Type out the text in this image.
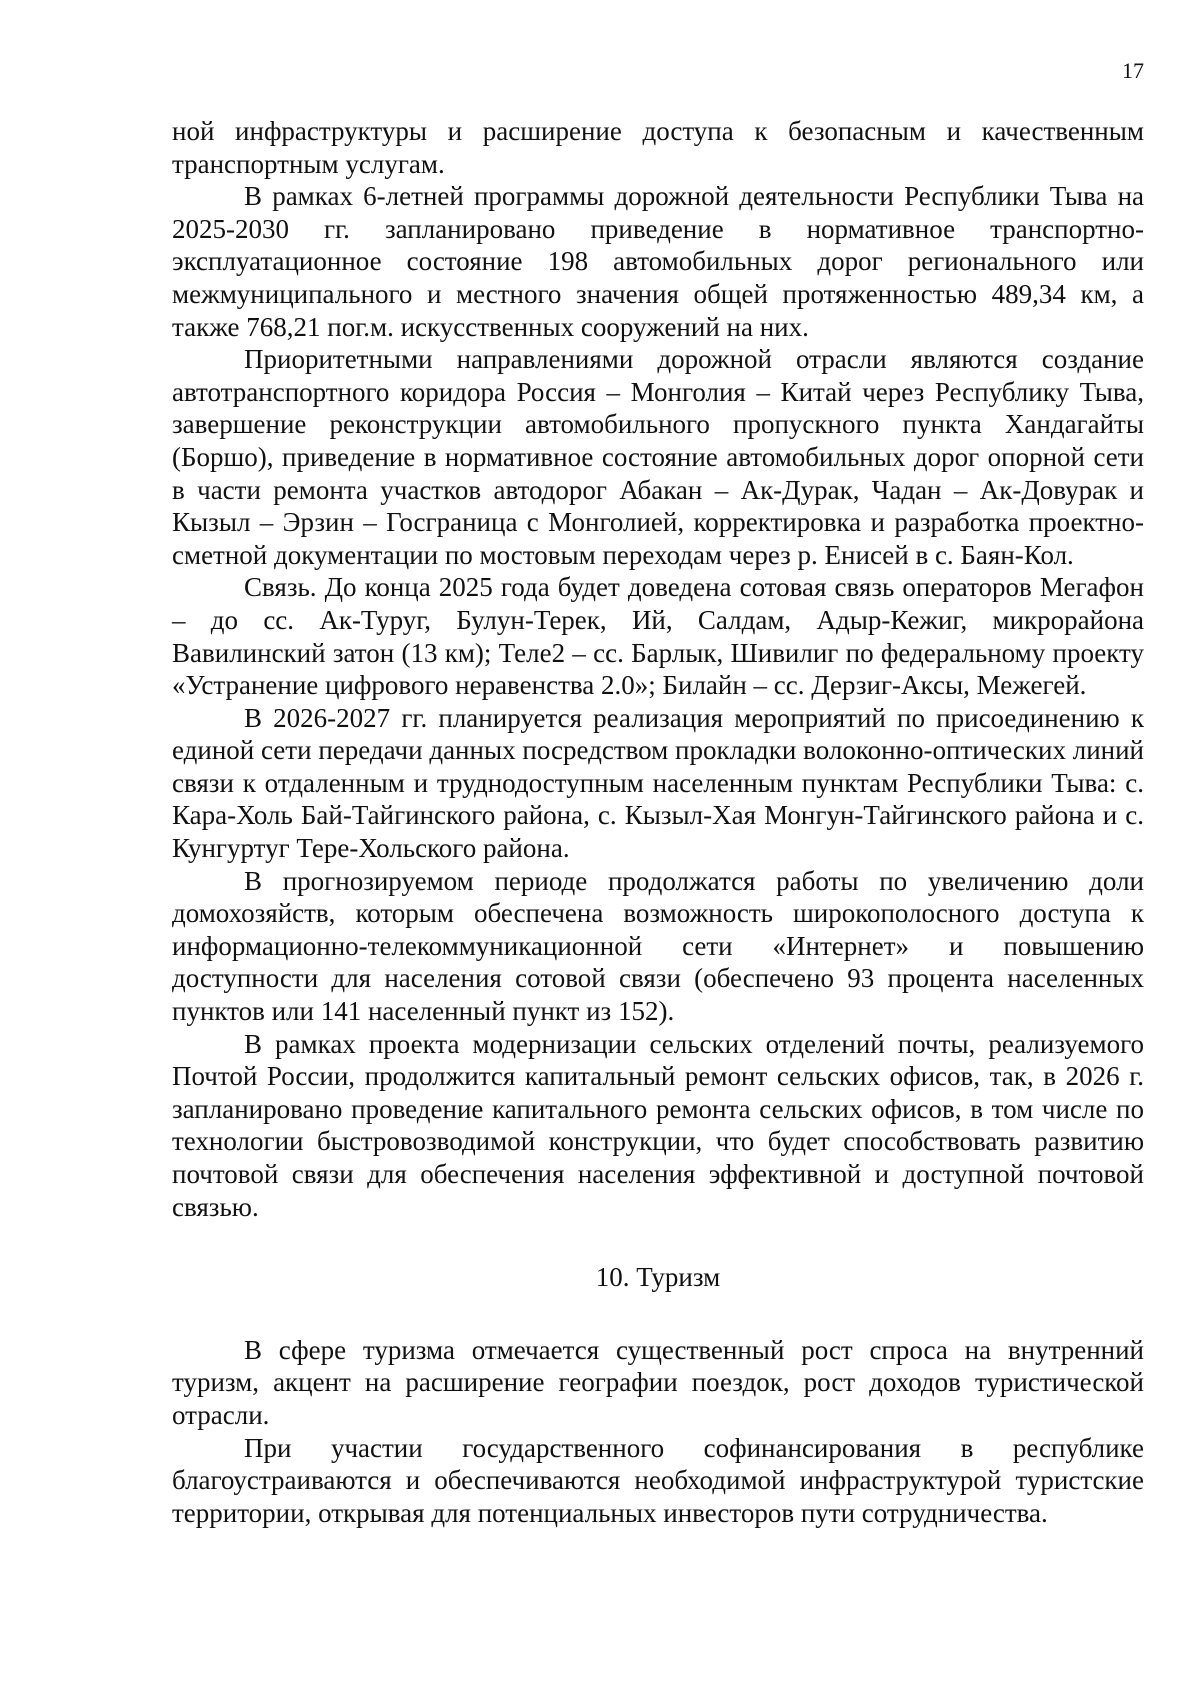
17

ной инфраструктуры и расширение доступа к безопасным и качественным транспортным услугам.

В рамках 6-летней программы дорожной деятельности Республики Тыва на 2025-2030 гг. запланировано приведение в нормативное транспортно-эксплуатационное состояние 198 автомобильных дорог регионального или межмуниципального и местного значения общей протяженностью 489,34 км, а также 768,21 пог.м. искусственных сооружений на них.

Приоритетными направлениями дорожной отрасли являются создание автотранспортного коридора Россия – Монголия – Китай через Республику Тыва, завершение реконструкции автомобильного пропускного пункта Хандагайты (Боршо), приведение в нормативное состояние автомобильных дорог опорной сети в части ремонта участков автодорог Абакан – Ак-Дурак, Чадан – Ак-Довурак и Кызыл – Эрзин – Госграница с Монголией, корректировка и разработка проектно-сметной документации по мостовым переходам через р. Енисей в с. Баян-Кол.

Связь. До конца 2025 года будет доведена сотовая связь операторов Мегафон – до сс. Ак-Туруг, Булун-Терек, Ий, Салдам, Адыр-Кежиг, микрорайона Вавилинский затон (13 км); Теле2 – сс. Барлык, Шивилиг по федеральному проекту «Устранение цифрового неравенства 2.0»; Билайн – сс. Дерзиг-Аксы, Межегей.

В 2026-2027 гг. планируется реализация мероприятий по присоединению к единой сети передачи данных посредством прокладки волоконно-оптических линий связи к отдаленным и труднодоступным населенным пунктам Республики Тыва: с. Кара-Холь Бай-Тайгинского района, с. Кызыл-Хая Монгун-Тайгинского района и с. Кунгуртуг Тере-Хольского района.

В прогнозируемом периоде продолжатся работы по увеличению доли домохозяйств, которым обеспечена возможность широкополосного доступа к информационно-телекоммуникационной сети «Интернет» и повышению доступности для населения сотовой связи (обеспечено 93 процента населенных пунктов или 141 населенный пункт из 152).

В рамках проекта модернизации сельских отделений почты, реализуемого Почтой России, продолжится капитальный ремонт сельских офисов, так, в 2026 г. запланировано проведение капитального ремонта сельских офисов, в том числе по технологии быстровозводимой конструкции, что будет способствовать развитию почтовой связи для обеспечения населения эффективной и доступной почтовой связью.

10. Туризм

В сфере туризма отмечается существенный рост спроса на внутренний туризм, акцент на расширение географии поездок, рост доходов туристической отрасли.

При участии государственного софинансирования в республике благоустраиваются и обеспечиваются необходимой инфраструктурой туристские территории, открывая для потенциальных инвесторов пути сотрудничества.
